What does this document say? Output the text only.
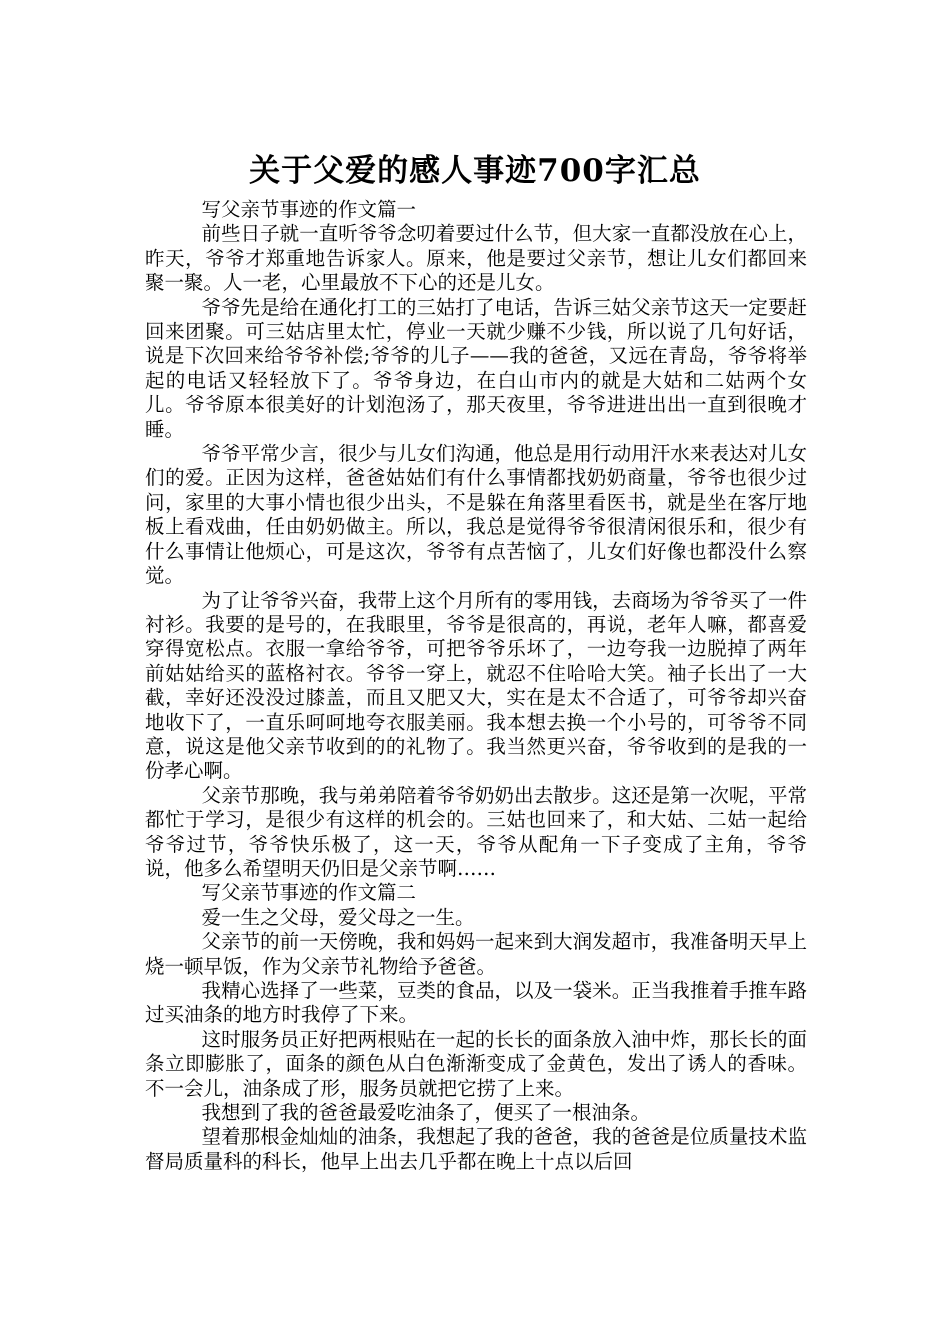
关于父爱的感人事迹700字汇总

写父亲节事迹的作文篇一

前些日子就一直听爷爷念叨着要过什么节，但大家一直都没放在心上，昨天，爷爷才郑重地告诉家人。原来，他是要过父亲节，想让儿女们都回来聚一聚。人一老，心里最放不下心的还是儿女。

爷爷先是给在通化打工的三姑打了电话，告诉三姑父亲节这天一定要赶回来团聚。可三姑店里太忙，停业一天就少赚不少钱，所以说了几句好话，说是下次回来给爷爷补偿;爷爷的儿子——我的爸爸，又远在青岛，爷爷将举起的电话又轻轻放下了。爷爷身边，在白山市内的就是大姑和二姑两个女儿。爷爷原本很美好的计划泡汤了，那天夜里，爷爷进进出出一直到很晚才睡。

爷爷平常少言，很少与儿女们沟通，他总是用行动用汗水来表达对儿女们的爱。正因为这样，爸爸姑姑们有什么事情都找奶奶商量，爷爷也很少过问，家里的大事小情也很少出头，不是躲在角落里看医书，就是坐在客厅地板上看戏曲，任由奶奶做主。所以，我总是觉得爷爷很清闲很乐和，很少有什么事情让他烦心，可是这次，爷爷有点苦恼了，儿女们好像也都没什么察觉。

为了让爷爷兴奋，我带上这个月所有的零用钱，去商场为爷爷买了一件衬衫。我要的是号的，在我眼里，爷爷是很高的，再说，老年人嘛，都喜爱穿得宽松点。衣服一拿给爷爷，可把爷爷乐坏了，一边夸我一边脱掉了两年前姑姑给买的蓝格衬衣。爷爷一穿上，就忍不住哈哈大笑。袖子长出了一大截，幸好还没没过膝盖，而且又肥又大，实在是太不合适了，可爷爷却兴奋地收下了，一直乐呵呵地夸衣服美丽。我本想去换一个小号的，可爷爷不同意，说这是他父亲节收到的的礼物了。我当然更兴奋，爷爷收到的是我的一份孝心啊。

父亲节那晚，我与弟弟陪着爷爷奶奶出去散步。这还是第一次呢，平常都忙于学习，是很少有这样的机会的。三姑也回来了，和大姑、二姑一起给爷爷过节，爷爷快乐极了，这一天，爷爷从配角一下子变成了主角，爷爷说，他多么希望明天仍旧是父亲节啊……

写父亲节事迹的作文篇二

爱一生之父母，爱父母之一生。

父亲节的前一天傍晚，我和妈妈一起来到大润发超市，我准备明天早上烧一顿早饭，作为父亲节礼物给予爸爸。

我精心选择了一些菜，豆类的食品，以及一袋米。正当我推着手推车路过买油条的地方时我停了下来。

这时服务员正好把两根贴在一起的长长的面条放入油中炸，那长长的面条立即膨胀了，面条的颜色从白色渐渐变成了金黄色，发出了诱人的香味。不一会儿，油条成了形，服务员就把它捞了上来。

我想到了我的爸爸最爱吃油条了，便买了一根油条。

望着那根金灿灿的油条，我想起了我的爸爸，我的爸爸是位质量技术监督局质量科的科长，他早上出去几乎都在晚上十点以后回
